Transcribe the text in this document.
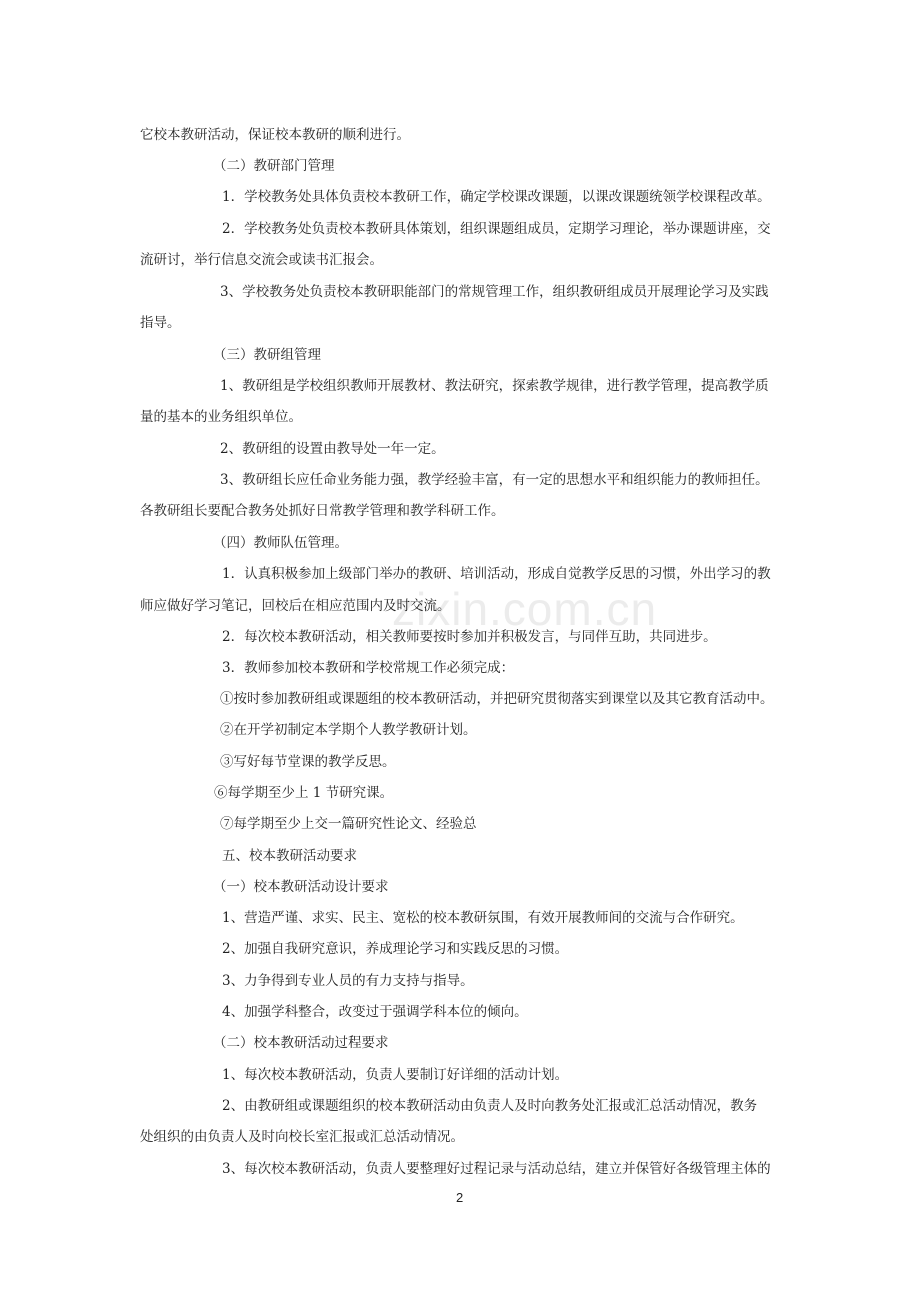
zixin.com.cn
它校本教研活动，保证校本教研的顺利进行。
（二）教研部门管理
1．学校教务处具体负责校本教研工作，确定学校课改课题，以课改课题统领学校课程改革。
2．学校教务处负责校本教研具体策划，组织课题组成员，定期学习理论，举办课题讲座，交
流研讨，举行信息交流会或读书汇报会。
3、学校教务处负责校本教研职能部门的常规管理工作，组织教研组成员开展理论学习及实践
指导。
（三）教研组管理
1、教研组是学校组织教师开展教材、教法研究，探索教学规律，进行教学管理，提高教学质
量的基本的业务组织单位。
2、教研组的设置由教导处一年一定。
3、教研组长应任命业务能力强，教学经验丰富，有一定的思想水平和组织能力的教师担任。
各教研组长要配合教务处抓好日常教学管理和教学科研工作。
（四）教师队伍管理。
1．认真积极参加上级部门举办的教研、培训活动，形成自觉教学反思的习惯，外出学习的教
师应做好学习笔记，回校后在相应范围内及时交流。
2．每次校本教研活动，相关教师要按时参加并积极发言，与同伴互助，共同进步。
3．教师参加校本教研和学校常规工作必须完成：
①按时参加教研组或课题组的校本教研活动，并把研究贯彻落实到课堂以及其它教育活动中。
②在开学初制定本学期个人教学教研计划。
③写好每节堂课的教学反思。
⑥每学期至少上 1 节研究课。
⑦每学期至少上交一篇研究性论文、经验总
五、校本教研活动要求
（一）校本教研活动设计要求
1、营造严谨、求实、民主、宽松的校本教研氛围，有效开展教师间的交流与合作研究。
2、加强自我研究意识，养成理论学习和实践反思的习惯。
3、力争得到专业人员的有力支持与指导。
4、加强学科整合，改变过于强调学科本位的倾向。
（二）校本教研活动过程要求
1、每次校本教研活动，负责人要制订好详细的活动计划。
2、由教研组或课题组织的校本教研活动由负责人及时向教务处汇报或汇总活动情况，教务
处组织的由负责人及时向校长室汇报或汇总活动情况。
3、每次校本教研活动，负责人要整理好过程记录与活动总结，建立并保管好各级管理主体的
2
